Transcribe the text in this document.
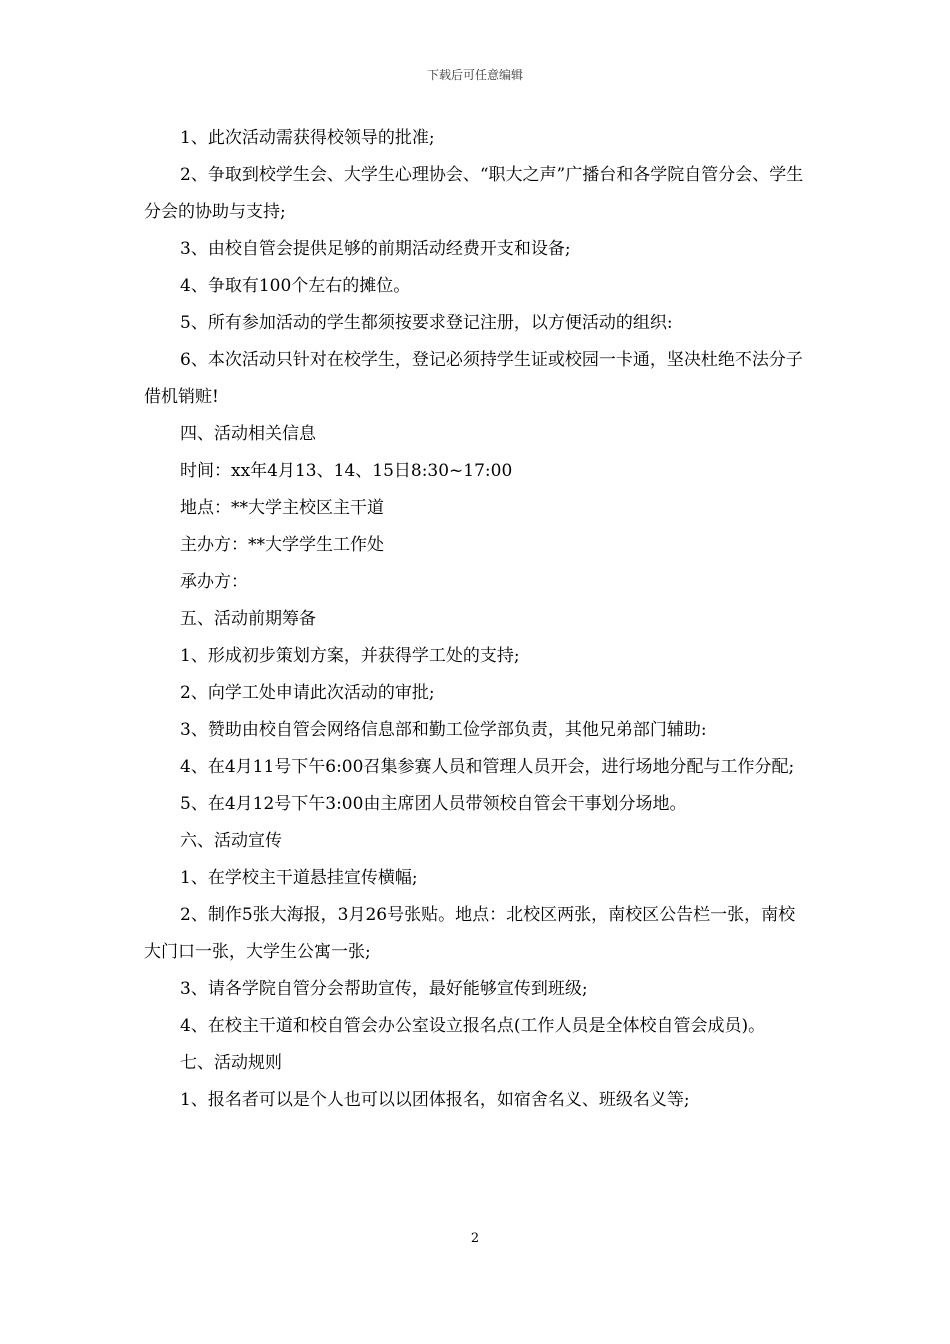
下载后可任意编辑

1、此次活动需获得校领导的批准;

2、争取到校学生会、大学生心理协会、“职大之声”广播台和各学院自管分会、学生分会的协助与支持;

3、由校自管会提供足够的前期活动经费开支和设备;

4、争取有100个左右的摊位。

5、所有参加活动的学生都须按要求登记注册，以方便活动的组织:

6、本次活动只针对在校学生，登记必须持学生证或校园一卡通，坚决杜绝不法分子借机销赃!

四、活动相关信息

时间：xx年4月13、14、15日8:30~17:00

地点：**大学主校区主干道

主办方：**大学学生工作处

承办方：

五、活动前期筹备

1、形成初步策划方案，并获得学工处的支持;

2、向学工处申请此次活动的审批;

3、赞助由校自管会网络信息部和勤工俭学部负责，其他兄弟部门辅助:

4、在4月11号下午6:00召集参赛人员和管理人员开会，进行场地分配与工作分配;

5、在4月12号下午3:00由主席团人员带领校自管会干事划分场地。

六、活动宣传

1、在学校主干道悬挂宣传横幅;

2、制作5张大海报，3月26号张贴。地点：北校区两张，南校区公告栏一张，南校大门口一张，大学生公寓一张;

3、请各学院自管分会帮助宣传，最好能够宣传到班级;

4、在校主干道和校自管会办公室设立报名点(工作人员是全体校自管会成员)。

七、活动规则

1、报名者可以是个人也可以以团体报名，如宿舍名义、班级名义等;

2
